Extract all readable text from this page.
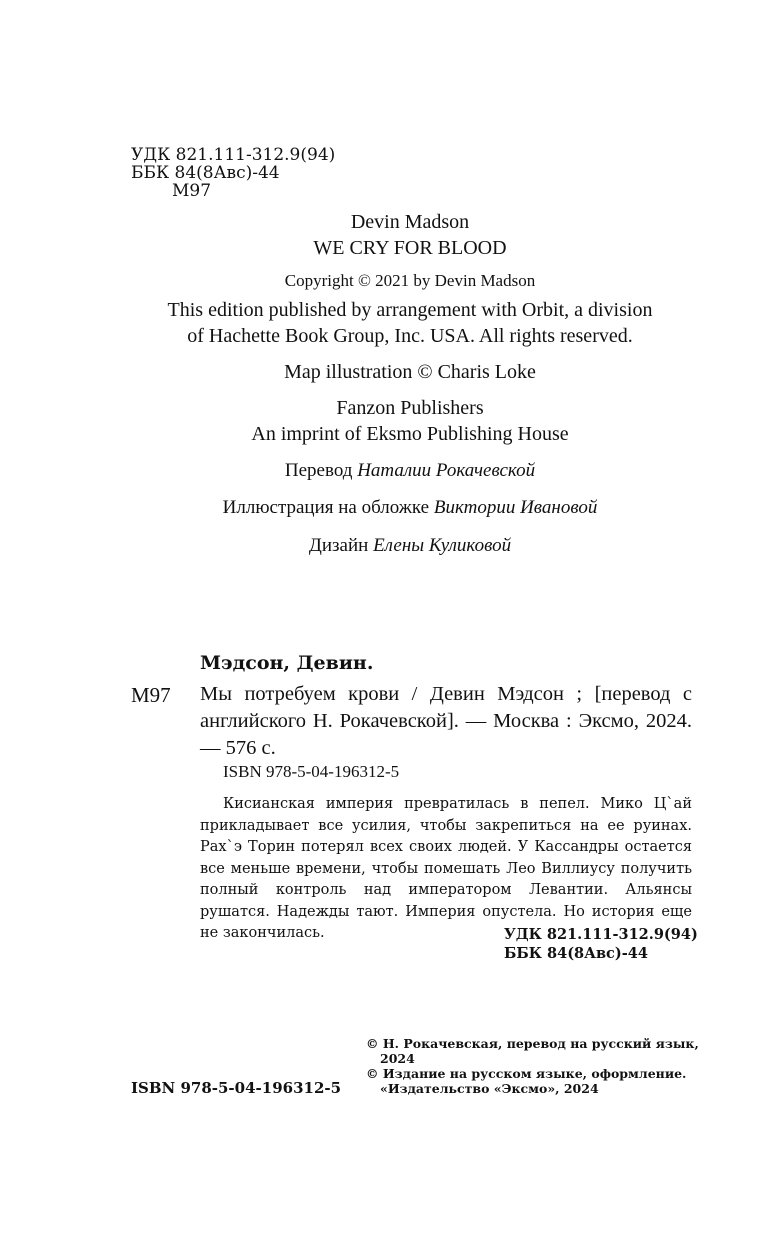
УДК 821.111-312.9(94)
ББК 84(8Авс)-44
М97
Devin Madson
WE CRY FOR BLOOD
Copyright © 2021 by Devin Madson
This edition published by arrangement with Orbit, a division
of Hachette Book Group, Inc. USA. All rights reserved.
Map illustration © Charis Loke
Fanzon Publishers
An imprint of Eksmo Publishing House
Перевод Наталии Рокачевской
Иллюстрация на обложке Виктории Ивановой
Дизайн Елены Куликовой
Мэдсон, Девин.
М97 Мы потребуем крови / Девин Мэдсон ; [перевод с английского Н. Рокачевской]. — Москва : Эксмо, 2024. — 576 с.
ISBN 978-5-04-196312-5
Кисианская империя превратилась в пепел. Мико Ц`ай прикладывает все усилия, чтобы закрепиться на ее руинах. Рах`э Торин потерял всех своих людей. У Кассандры остается все меньше времени, чтобы помешать Лео Виллиусу получить полный контроль над императором Левантии. Альянсы рушатся. Надежды тают. Империя опустела. Но история еще не закончилась.	УДК 821.111-312.9(94)
ББК 84(8Авс)-44
ISBN 978-5-04-196312-5
© Н. Рокачевская, перевод на русский язык, 2024
© Издание на русском языке, оформление. «Издательство «Эксмо», 2024
